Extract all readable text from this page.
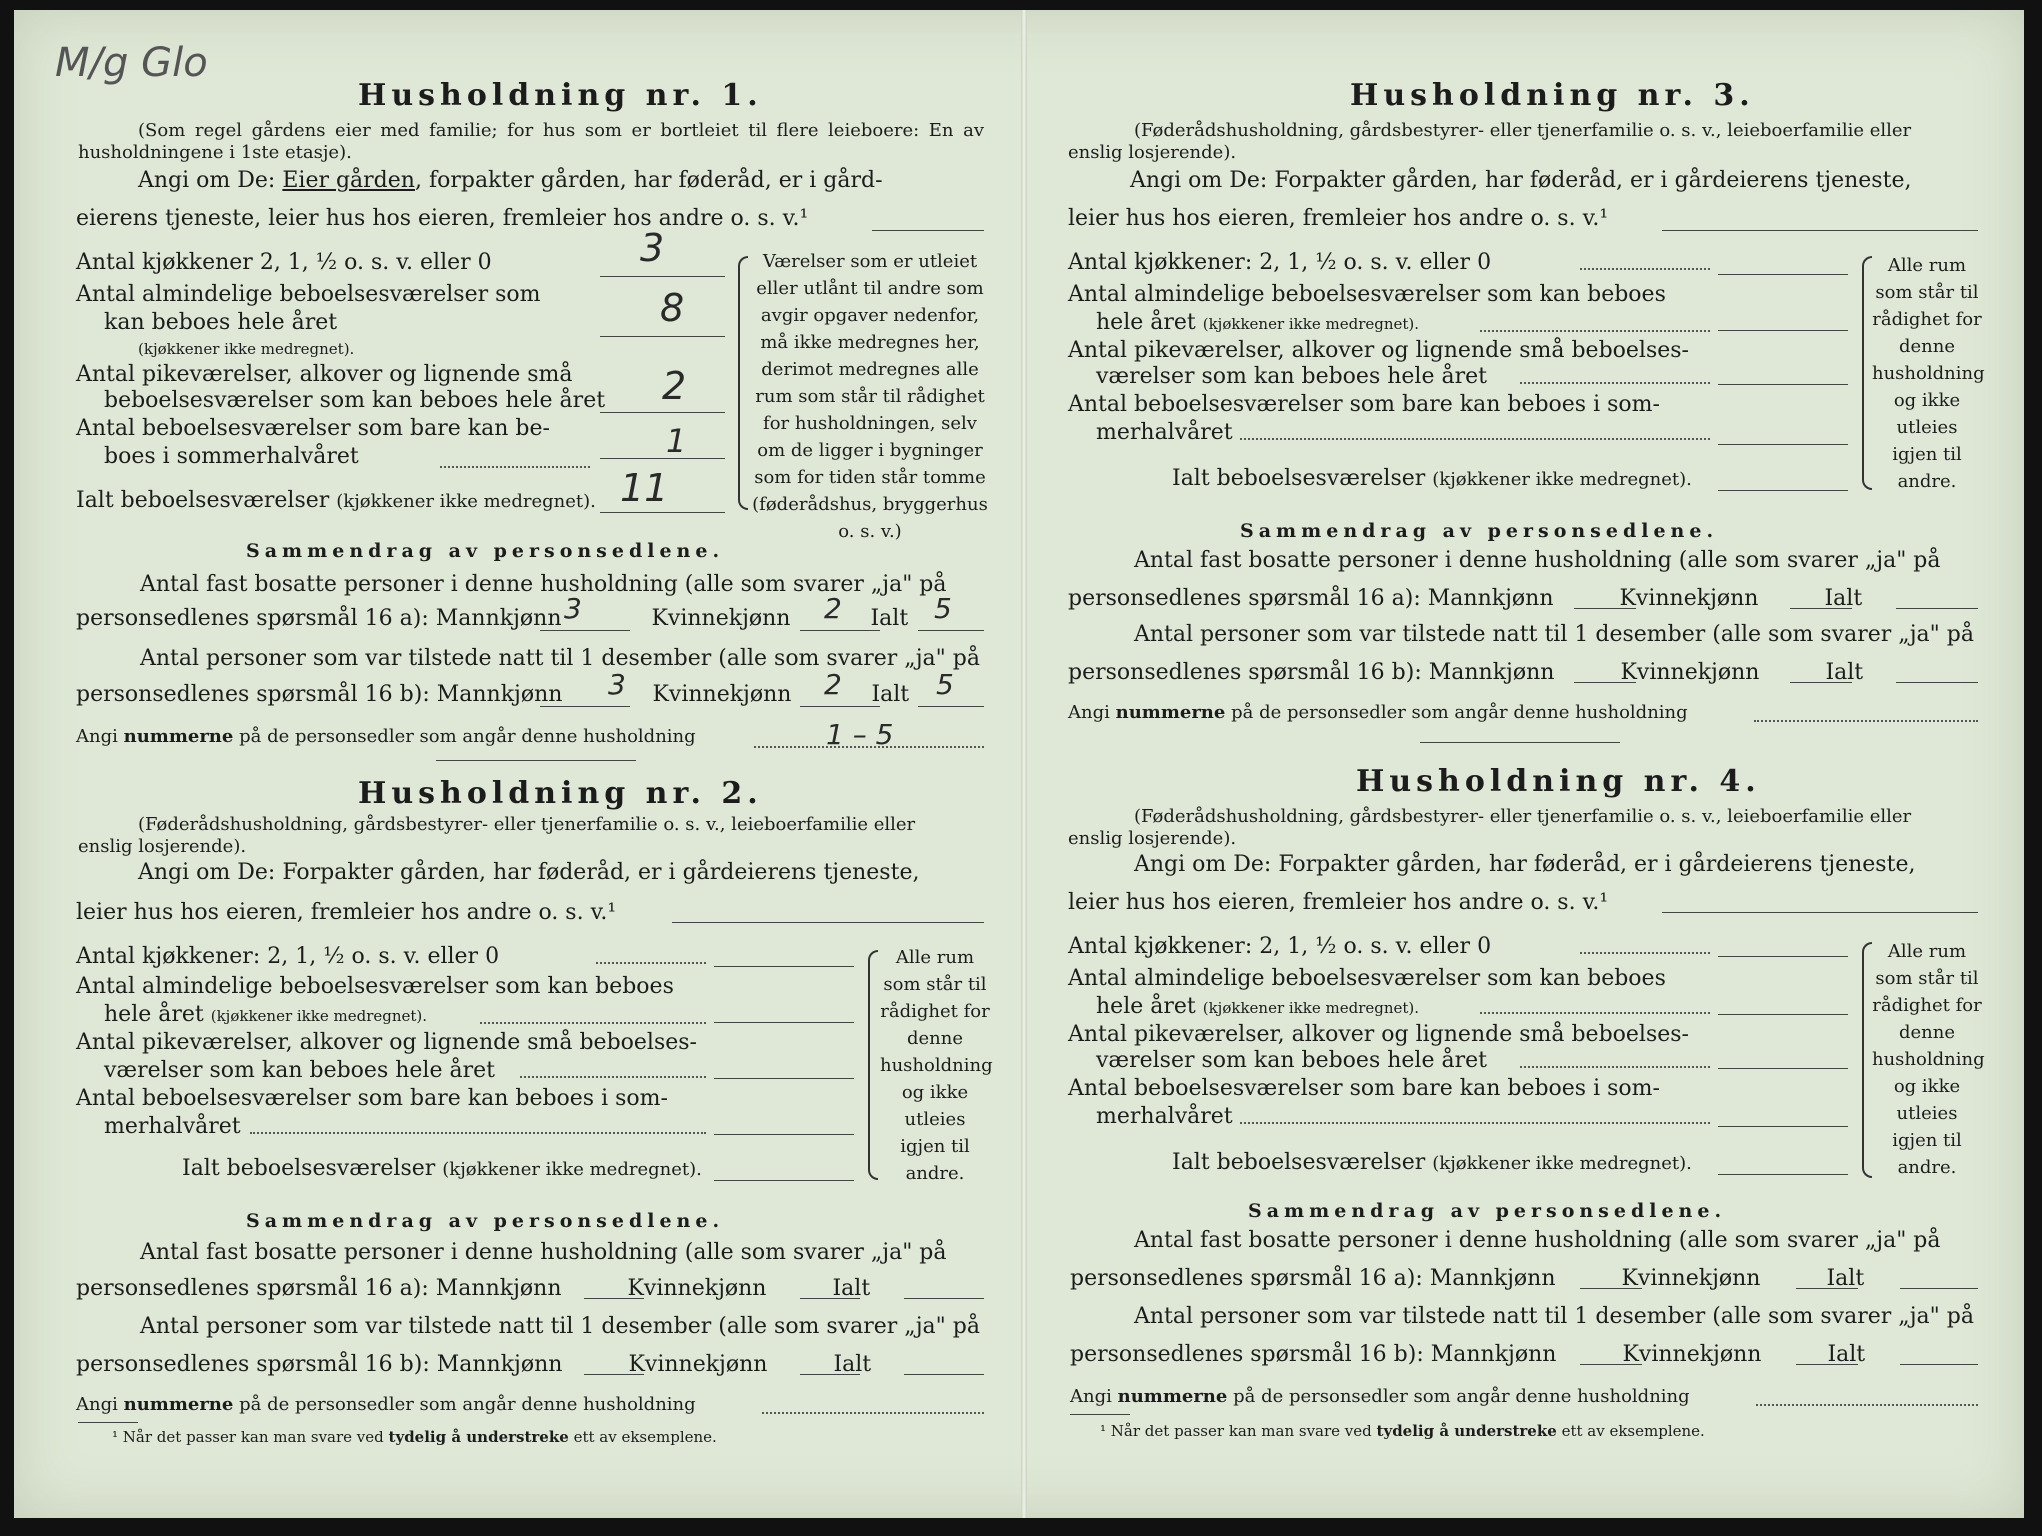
M/g Glo
Husholdning nr. 1.
(Som regel gårdens eier med familie; for hus som er bortleiet til flere leieboere: En av husholdningene i 1ste etasje).
Angi om De: Eier gården, forpakter gården, har føderåd, er i gård-
eierens tjeneste, leier hus hos eieren, fremleier hos andre o. s. v.¹
Antal kjøkkener 2, 1, ½ o. s. v. eller 0	3
Antal almindelige beboelsesværelser som
kan beboes hele året
(kjøkkener ikke medregnet).
8
Antal pikeværelser, alkover og lignende små
beboelsesværelser som kan beboes hele året 2
Antal beboelsesværelser som bare kan be-
boes i sommerhalvåret	1
Ialt beboelsesværelser (kjøkkener ikke medregnet). 11
Værelser som er utleiet eller utlånt til andre som avgir opgaver nedenfor, må ikke medregnes her, derimot medregnes alle rum som står til rådighet for husholdningen, selv om de ligger i bygninger som for tiden står tomme (føderådshus, bryggerhus o. s. v.)
Sammendrag av personsedlene.
Antal fast bosatte personer i denne husholdning (alle som svarer „ja" på
personsedlenes spørsmål 16 a): Mannkjønn	Kvinnekjønn	Ialt
3	2	5
Antal personer som var tilstede natt til 1 desember (alle som svarer „ja" på
personsedlenes spørsmål 16 b): Mannkjønn	Kvinnekjønn	Ialt
3	2	5
Angi nummerne på de personsedler som angår denne husholdning	1 – 5
Husholdning nr. 2.
(Føderådshusholdning, gårdsbestyrer- eller tjenerfamilie o. s. v., leieboerfamilie eller
enslig losjerende).
Angi om De: Forpakter gården, har føderåd, er i gårdeierens tjeneste,
leier hus hos eieren, fremleier hos andre o. s. v.¹
Antal kjøkkener: 2, 1, ½ o. s. v. eller 0
Antal almindelige beboelsesværelser som kan beboes
hele året (kjøkkener ikke medregnet).
Antal pikeværelser, alkover og lignende små beboelses-
værelser som kan beboes hele året
Antal beboelsesværelser som bare kan beboes i som-
merhalvåret
Ialt beboelsesværelser (kjøkkener ikke medregnet).
Alle rum som står til rådighet for denne husholdning og ikke utleies igjen til andre.
Sammendrag av personsedlene.
Antal fast bosatte personer i denne husholdning (alle som svarer „ja" på
personsedlenes spørsmål 16 a): Mannkjønn	Kvinnekjønn	Ialt
Antal personer som var tilstede natt til 1 desember (alle som svarer „ja" på
personsedlenes spørsmål 16 b): Mannkjønn	Kvinnekjønn	Ialt
Angi nummerne på de personsedler som angår denne husholdning
¹ Når det passer kan man svare ved tydelig å understreke ett av eksemplene.
Husholdning nr. 3.
(Føderådshusholdning, gårdsbestyrer- eller tjenerfamilie o. s. v., leieboerfamilie eller
enslig losjerende).
Angi om De: Forpakter gården, har føderåd, er i gårdeierens tjeneste,
leier hus hos eieren, fremleier hos andre o. s. v.¹
Antal kjøkkener: 2, 1, ½ o. s. v. eller 0
Antal almindelige beboelsesværelser som kan beboes
hele året (kjøkkener ikke medregnet).
Antal pikeværelser, alkover og lignende små beboelses-
værelser som kan beboes hele året
Antal beboelsesværelser som bare kan beboes i som-
merhalvåret
Ialt beboelsesværelser (kjøkkener ikke medregnet).
Alle rum som står til rådighet for denne husholdning og ikke utleies igjen til andre.
Sammendrag av personsedlene.
Antal fast bosatte personer i denne husholdning (alle som svarer „ja" på
personsedlenes spørsmål 16 a): Mannkjønn	Kvinnekjønn	Ialt
Antal personer som var tilstede natt til 1 desember (alle som svarer „ja" på
personsedlenes spørsmål 16 b): Mannkjønn	Kvinnekjønn	Ialt
Angi nummerne på de personsedler som angår denne husholdning
Husholdning nr. 4.
(Føderådshusholdning, gårdsbestyrer- eller tjenerfamilie o. s. v., leieboerfamilie eller
enslig losjerende).
Angi om De: Forpakter gården, har føderåd, er i gårdeierens tjeneste,
leier hus hos eieren, fremleier hos andre o. s. v.¹
Antal kjøkkener: 2, 1, ½ o. s. v. eller 0
Antal almindelige beboelsesværelser som kan beboes
hele året (kjøkkener ikke medregnet).
Antal pikeværelser, alkover og lignende små beboelses-
værelser som kan beboes hele året
Antal beboelsesværelser som bare kan beboes i som-
merhalvåret
Ialt beboelsesværelser (kjøkkener ikke medregnet).
Alle rum som står til rådighet for denne husholdning og ikke utleies igjen til andre.
Sammendrag av personsedlene.
Antal fast bosatte personer i denne husholdning (alle som svarer „ja" på
personsedlenes spørsmål 16 a): Mannkjønn	Kvinnekjønn	Ialt
Antal personer som var tilstede natt til 1 desember (alle som svarer „ja" på
personsedlenes spørsmål 16 b): Mannkjønn	Kvinnekjønn	Ialt
Angi nummerne på de personsedler som angår denne husholdning
¹ Når det passer kan man svare ved tydelig å understreke ett av eksemplene.
